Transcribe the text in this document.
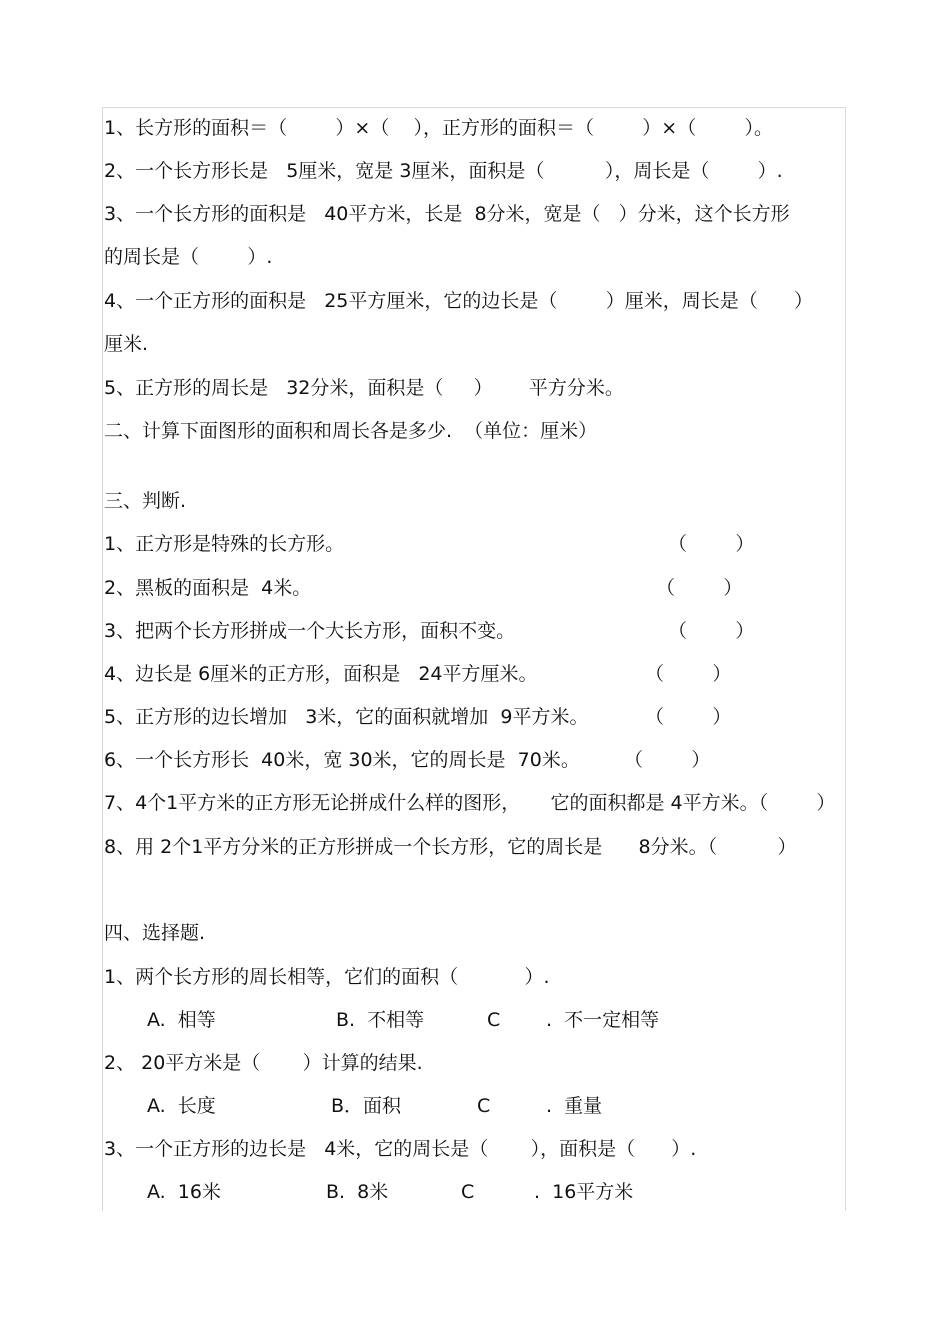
1、长方形的面积＝（        ）×（    ），正方形的面积＝（        ）×（        ）。
2、一个长方形长是   5厘米，宽是 3厘米，面积是（          ），周长是（        ）.
3、一个长方形的面积是   40平方米，长是  8分米，宽是（   ）分米，这个长方形
的周长是（        ）.
4、一个正方形的面积是   25平方厘米，它的边长是（        ）厘米，周长是（      ）
厘米.
5、正方形的周长是   32分米，面积是（     ）      平方分米。
二、计算下面图形的面积和周长各是多少.  （单位：厘米）
三、判断.
1、正方形是特殊的长方形。	（        ）
2、黑板的面积是  4米。	（        ）
3、把两个长方形拼成一个大长方形，面积不变。	（        ）
4、边长是 6厘米的正方形，面积是   24平方厘米。	（        ）
5、正方形的边长增加   3米，它的面积就增加  9平方米。	（        ）
6、一个长方形长  40米，宽 30米，它的周长是  70米。 （        ）
7、4个1平方米的正方形无论拼成什么样的图形，     它的面积都是 4平方米。（        ）
8、用 2个1平方分米的正方形拼成一个长方形，它的周长是      8分米。（          ）
四、选择题.
1、两个长方形的周长相等，它们的面积（           ）.
A.  相等	B.  不相等	C .  不一定相等
2、 20平方米是（       ）计算的结果.
A.  长度	B．面积	C	.  重量
3、一个正方形的边长是   4米，它的周长是（       ），面积是（      ）.
A.  16米	B.  8米	C	.  16平方米
